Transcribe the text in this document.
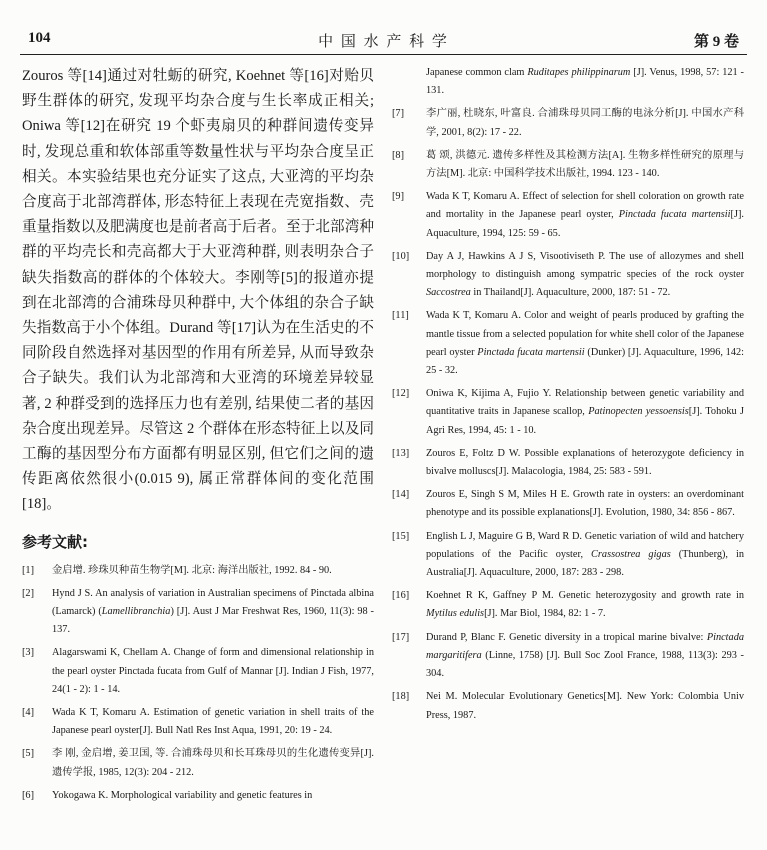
104	中 国 水 产 科 学	第 9 卷

Zouros 等[14]通过对牡蛎的研究, Koehnet 等[16]对贻贝野生群体的研究, 发现平均杂合度与生长率成正相关; Oniwa 等[12]在研究 19 个虾夷扇贝的种群间遗传变异时, 发现总重和软体部重等数量性状与平均杂合度呈正相关。本实验结果也充分证实了这点, 大亚湾的平均杂合度高于北部湾群体, 形态特征上表现在壳宽指数、壳重量指数以及肥满度也是前者高于后者。至于北部湾种群的平均壳长和壳高都大于大亚湾种群, 则表明杂合子缺失指数高的群体的个体较大。李刚等[5]的报道亦提到在北部湾的合浦珠母贝种群中, 大个体组的杂合子缺失指数高于小个体组。Durand 等[17]认为在生活史的不同阶段自然选择对基因型的作用有所差异, 从而导致杂合子缺失。我们认为北部湾和大亚湾的环境差异较显著, 2 种群受到的选择压力也有差别, 结果使二者的基因杂合度出现差异。尽管这 2 个群体在形态特征上以及同工酶的基因型分布方面都有明显区别, 但它们之间的遗传距离依然很小(0.015 9), 属正常群体间的变化范围[18]。

参考文献:
[1] 金启增. 珍珠贝种苗生物学[M]. 北京: 海洋出版社, 1992. 84 - 90.
[2] Hynd J S. An analysis of variation in Australian specimens of Pinctada albina (Lamarck) (Lamellibranchia) [J]. Aust J Mar Freshwat Res, 1960, 11(3): 98 - 137.
[3] Alagarswami K, Chellam A. Change of form and dimensional relationship in the pearl oyster Pinctada fucata from Gulf of Mannar [J]. Indian J Fish, 1977, 24(1 - 2): 1 - 14.
[4] Wada K T, Komaru A. Estimation of genetic variation in shell traits of the Japanese pearl oyster[J]. Bull Natl Res Inst Aqua, 1991, 20: 19 - 24.
[5] 李 刚, 金启增, 姜卫国, 等. 合浦珠母贝和长耳珠母贝的生化遗传变异[J]. 遗传学报, 1985, 12(3): 204 - 212.
[6] Yokogawa K. Morphological variability and genetic features in
Japanese common clam Ruditapes philippinarum [J]. Venus, 1998, 57: 121 - 131.
[7] 李广丽, 杜晓东, 叶富良. 合浦珠母贝同工酶的电泳分析[J]. 中国水产科学, 2001, 8(2): 17 - 22.
[8] 葛 颂, 洪德元. 遗传多样性及其检测方法[A]. 生物多样性研究的原理与方法[M]. 北京: 中国科学技术出版社, 1994. 123 - 140.
[9] Wada K T, Komaru A. Effect of selection for shell coloration on growth rate and mortality in the Japanese pearl oyster, Pinctada fucata martensii[J]. Aquaculture, 1994, 125: 59 - 65.
[10] Day A J, Hawkins A J S, Visootiviseth P. The use of allozymes and shell morphology to distinguish among sympatric species of the rock oyster Saccostrea in Thailand[J]. Aquaculture, 2000, 187: 51 - 72.
[11] Wada K T, Komaru A. Color and weight of pearls produced by grafting the mantle tissue from a selected population for white shell color of the Japanese pearl oyster Pinctada fucata martensii (Dunker) [J]. Aquaculture, 1996, 142: 25 - 32.
[12] Oniwa K, Kijima A, Fujio Y. Relationship between genetic variability and quantitative traits in Japanese scallop, Patinopecten yessoensis[J]. Tohoku J Agri Res, 1994, 45: 1 - 10.
[13] Zouros E, Foltz D W. Possible explanations of heterozygote deficiency in bivalve molluscs[J]. Malacologia, 1984, 25: 583 - 591.
[14] Zouros E, Singh S M, Miles H E. Growth rate in oysters: an overdominant phenotype and its possible explanations[J]. Evolution, 1980, 34: 856 - 867.
[15] English L J, Maguire G B, Ward R D. Genetic variation of wild and hatchery populations of the Pacific oyster, Crassostrea gigas (Thunberg), in Australia[J]. Aquaculture, 2000, 187: 283 - 298.
[16] Koehnet R K, Gaffney P M. Genetic heterozygosity and growth rate in Mytilus edulis[J]. Mar Biol, 1984, 82: 1 - 7.
[17] Durand P, Blanc F. Genetic diversity in a tropical marine bivalve: Pinctada margaritifera (Linne, 1758) [J]. Bull Soc Zool France, 1988, 113(3): 293 - 304.
[18] Nei M. Molecular Evolutionary Genetics[M]. New York: Colombia Univ Press, 1987.
